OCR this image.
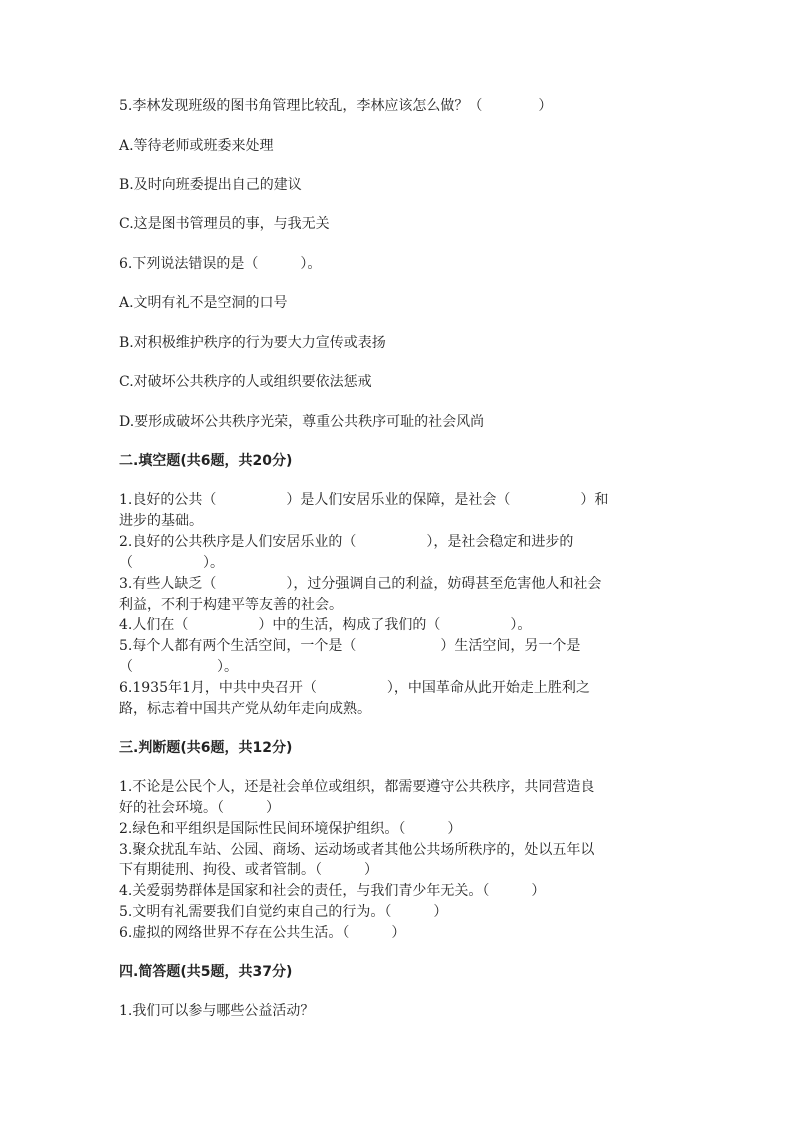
5.李林发现班级的图书角管理比较乱，李林应该怎么做？（　　　　）
A.等待老师或班委来处理
B.及时向班委提出自己的建议
C.这是图书管理员的事，与我无关
6.下列说法错误的是（　　　）。
A.文明有礼不是空洞的口号
B.对积极维护秩序的行为要大力宣传或表扬
C.对破坏公共秩序的人或组织要依法惩戒
D.要形成破坏公共秩序光荣，尊重公共秩序可耻的社会风尚
二.填空题(共6题，共20分)
1.良好的公共（　　　　　）是人们安居乐业的保障，是社会（　　　　　）和
进步的基础。
2.良好的公共秩序是人们安居乐业的（　　　　　），是社会稳定和进步的
（　　　　　）。
3.有些人缺乏（　　　　　），过分强调自己的利益，妨碍甚至危害他人和社会
利益，不利于构建平等友善的社会。
4.人们在（　　　　　）中的生活，构成了我们的（　　　　　）。
5.每个人都有两个生活空间，一个是（　　　　　　）生活空间，另一个是
（　　　　　　）。
6.1935年1月，中共中央召开（　　　　　），中国革命从此开始走上胜利之
路，标志着中国共产党从幼年走向成熟。
三.判断题(共6题，共12分)
1.不论是公民个人，还是社会单位或组织，都需要遵守公共秩序，共同营造良
好的社会环境。（　　　）
2.绿色和平组织是国际性民间环境保护组织。（　　　）
3.聚众扰乱车站、公园、商场、运动场或者其他公共场所秩序的，处以五年以
下有期徒刑、拘役、或者管制。（　　　）
4.关爱弱势群体是国家和社会的责任，与我们青少年无关。（　　　）
5.文明有礼需要我们自觉约束自己的行为。（　　　）
6.虚拟的网络世界不存在公共生活。（　　　）
四.简答题(共5题，共37分)
1.我们可以参与哪些公益活动？
